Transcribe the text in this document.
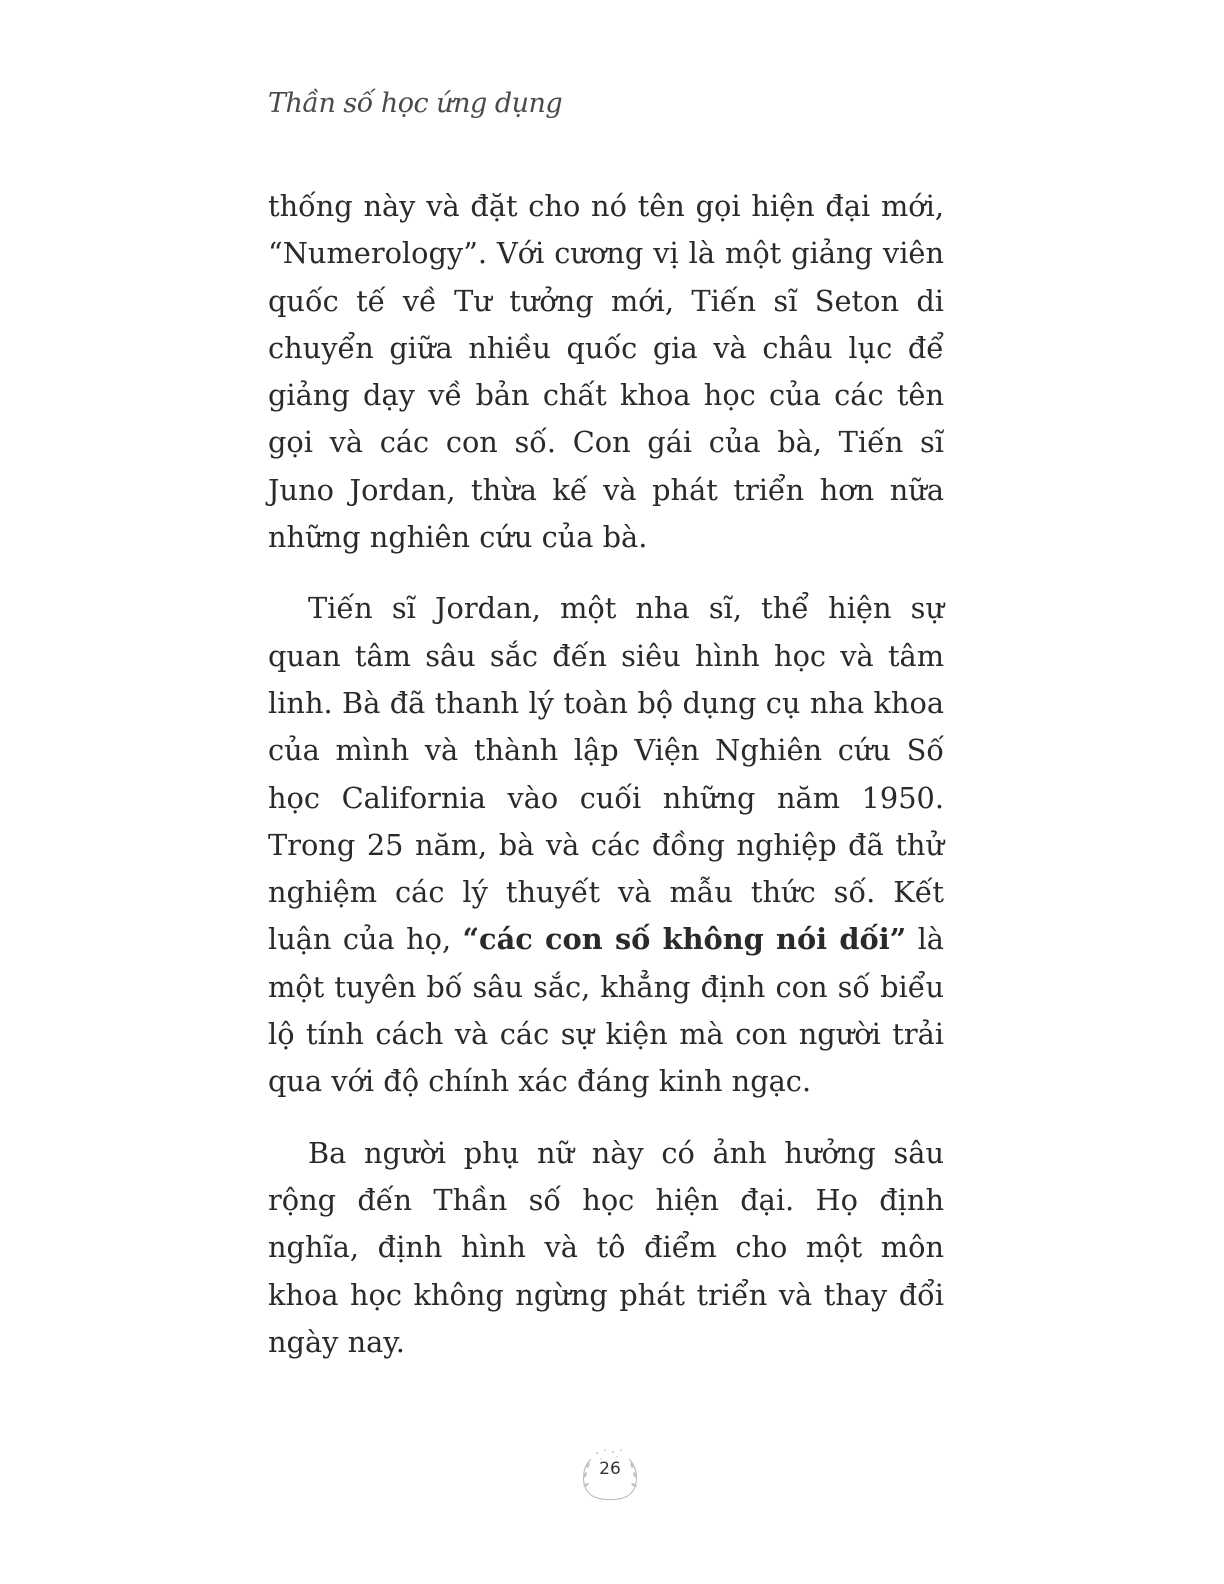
Thần số học ứng dụng

thống này và đặt cho nó tên gọi hiện đại mới, “Numerology”. Với cương vị là một giảng viên quốc tế về Tư tưởng mới, Tiến sĩ Seton di chuyển giữa nhiều quốc gia và châu lục để giảng dạy về bản chất khoa học của các tên gọi và các con số. Con gái của bà, Tiến sĩ Juno Jordan, thừa kế và phát triển hơn nữa những nghiên cứu của bà.

Tiến sĩ Jordan, một nha sĩ, thể hiện sự quan tâm sâu sắc đến siêu hình học và tâm linh. Bà đã thanh lý toàn bộ dụng cụ nha khoa của mình và thành lập Viện Nghiên cứu Số học California vào cuối những năm 1950. Trong 25 năm, bà và các đồng nghiệp đã thử nghiệm các lý thuyết và mẫu thức số. Kết luận của họ, “các con số không nói dối” là một tuyên bố sâu sắc, khẳng định con số biểu lộ tính cách và các sự kiện mà con người trải qua với độ chính xác đáng kinh ngạc.

Ba người phụ nữ này có ảnh hưởng sâu rộng đến Thần số học hiện đại. Họ định nghĩa, định hình và tô điểm cho một môn khoa học không ngừng phát triển và thay đổi ngày nay.

26
